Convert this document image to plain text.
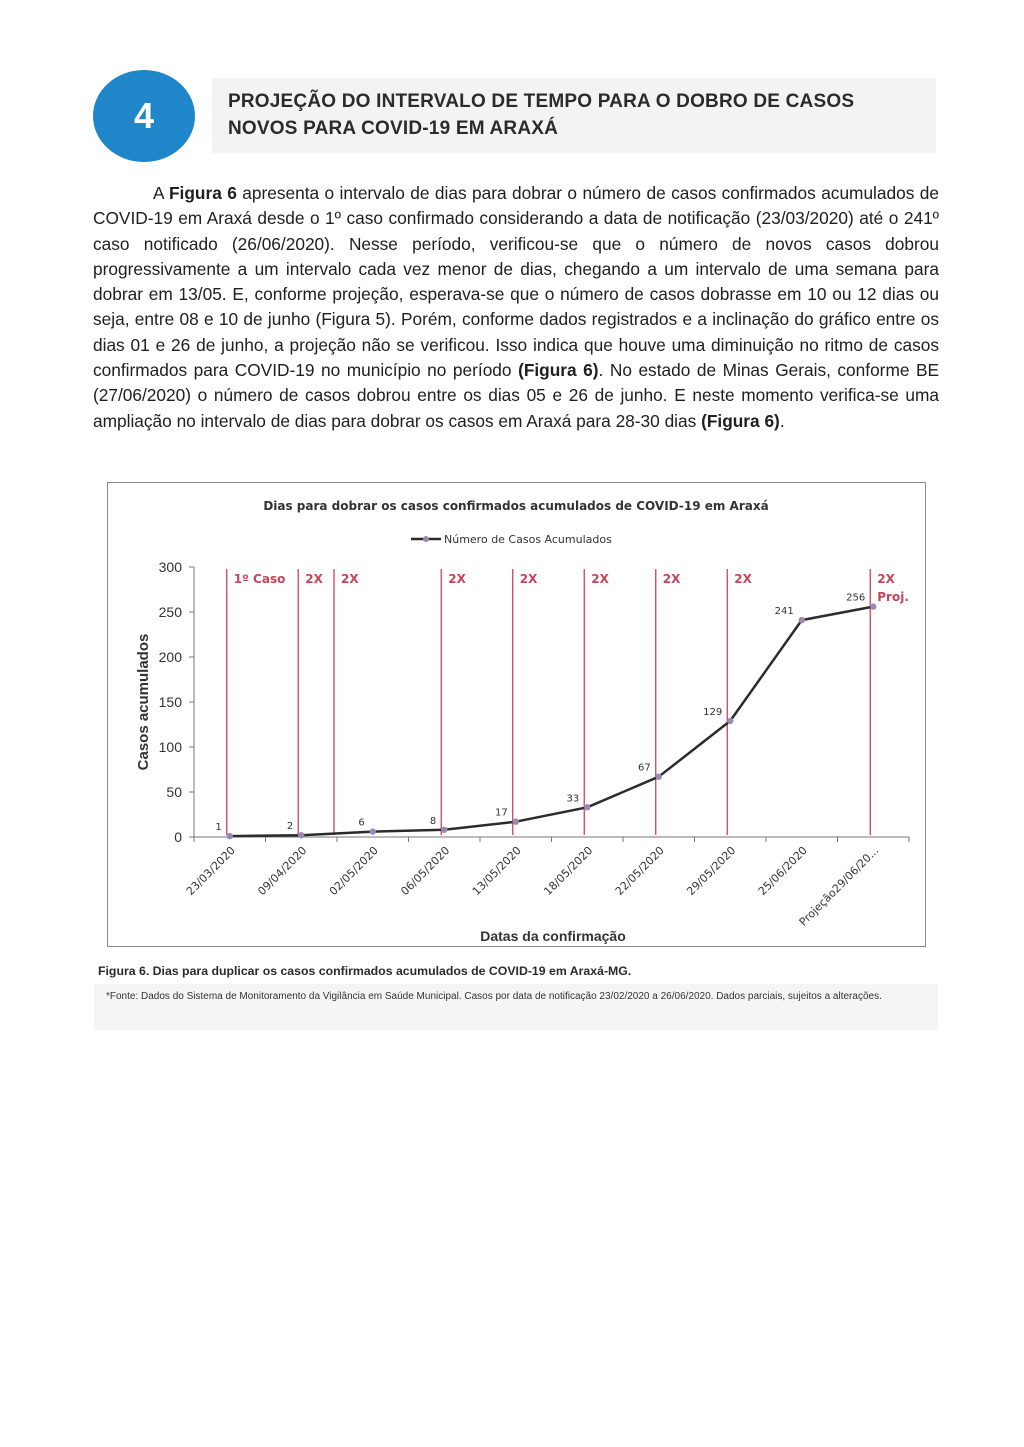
4	PROJEÇÃO DO INTERVALO DE TEMPO PARA O DOBRO DE CASOS
NOVOS PARA COVID-19 EM ARAXÁ

A Figura 6 apresenta o intervalo de dias para dobrar o número de casos confirmados acumulados de COVID-19 em Araxá desde o 1º caso confirmado considerando a data de notificação (23/03/2020) até o 241º caso notificado (26/06/2020). Nesse período, verificou-se que o número de novos casos dobrou progressivamente a um intervalo cada vez menor de dias, chegando a um intervalo de uma semana para dobrar em 13/05. E, conforme projeção, esperava-se que o número de casos dobrasse em 10 ou 12 dias ou seja, entre 08 e 10 de junho (Figura 5). Porém, conforme dados registrados e a inclinação do gráfico entre os dias 01 e 26 de junho, a projeção não se verificou. Isso indica que houve uma diminuição no ritmo de casos confirmados para COVID-19 no município no período (Figura 6). No estado de Minas Gerais, conforme BE (27/06/2020) o número de casos dobrou entre os dias 05 e 26 de junho. E neste momento verifica-se uma ampliação no intervalo de dias para dobrar os casos em Araxá para 28-30 dias (Figura 6).

Dias para dobrar os casos confirmados acumulados de COVID-19 em Araxá
Número de Casos Acumulados
0
50
100
150
200
250
300
Casos acumulados
23/03/2020 09/04/2020 02/05/2020 06/05/2020 13/05/2020 18/05/2020 22/05/2020 29/05/2020 25/06/2020
Projeção29/06/20...
Datas da confirmação
1º Caso 2X 2X	2X	2X	2X	2X	2X	2X
Proj.
1	2	6	8
17
33
67
129
241
256
Figura 6. Dias para duplicar os casos confirmados acumulados de COVID-19 em Araxá-MG.
*Fonte: Dados do Sistema de Monitoramento da Vigilância em Saúde Municipal. Casos por data de notificação 23/02/2020 a 26/06/2020. Dados parciais, sujeitos a alterações.
